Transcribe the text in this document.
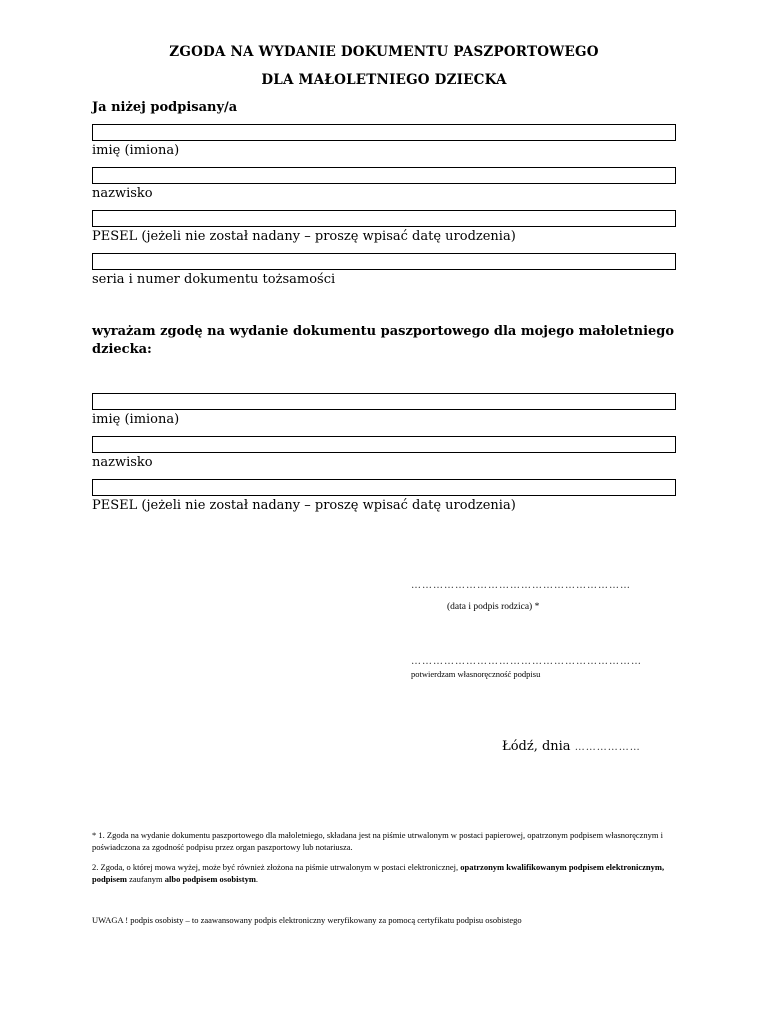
ZGODA NA WYDANIE DOKUMENTU PASZPORTOWEGO
DLA MAŁOLETNIEGO DZIECKA
Ja niżej podpisany/a
imię (imiona)
nazwisko
PESEL (jeżeli nie został nadany – proszę wpisać datę urodzenia)
seria i numer dokumentu tożsamości
wyrażam zgodę na wydanie dokumentu paszportowego dla mojego małoletniego
dziecka:
imię (imiona)
nazwisko
PESEL (jeżeli nie został nadany – proszę wpisać datę urodzenia)
……………………………………………………
(data i podpis rodzica) *
………………………………………………………
potwierdzam własnoręczność podpisu
Łódź, dnia ………………
* 1. Zgoda na wydanie dokumentu paszportowego dla małoletniego, składana jest na piśmie utrwalonym w postaci papierowej, opatrzonym podpisem własnoręcznym i poświadczona za zgodność podpisu przez organ paszportowy lub notariusza.
2. Zgoda, o której mowa wyżej, może być również złożona na piśmie utrwalonym w postaci elektronicznej, opatrzonym kwalifikowanym podpisem elektronicznym, podpisem zaufanym albo podpisem osobistym.
UWAGA ! podpis osobisty – to zaawansowany podpis elektroniczny weryfikowany za pomocą certyfikatu podpisu osobistego
